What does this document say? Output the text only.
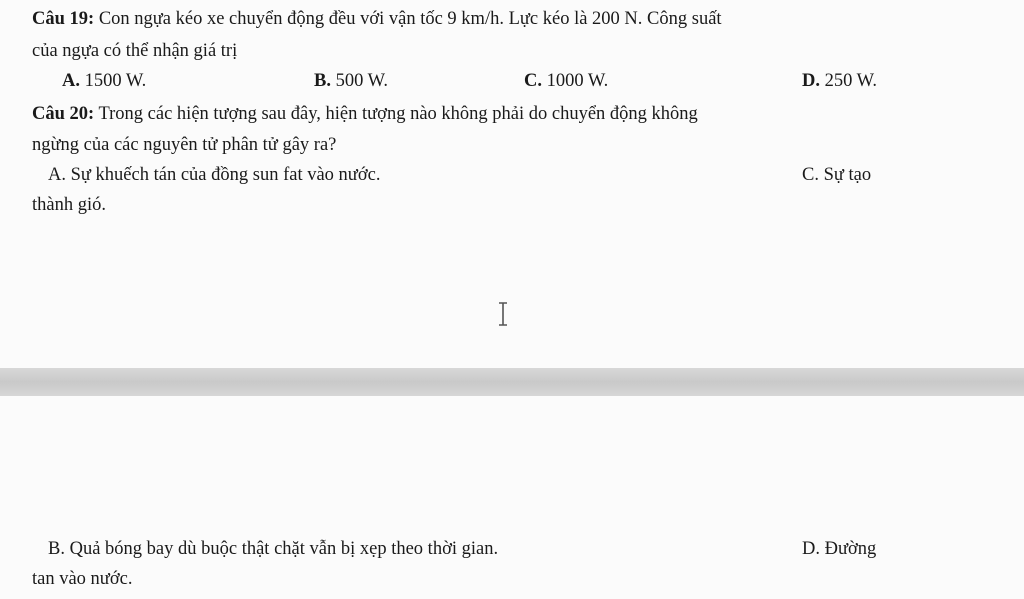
Câu 19: Con ngựa kéo xe chuyển động đều với vận tốc 9 km/h. Lực kéo là 200 N. Công suất
của ngựa có thể nhận giá trị
A. 1500 W.	B. 500 W.	C. 1000 W.	D. 250 W.
Câu 20: Trong các hiện tượng sau đây, hiện tượng nào không phải do chuyển động không
ngừng của các nguyên tử phân tử gây ra?
A. Sự khuếch tán của đồng sun fat vào nước.	C. Sự tạo
thành gió.
B. Quả bóng bay dù buộc thật chặt vẫn bị xẹp theo thời gian.	D. Đường
tan vào nước.
